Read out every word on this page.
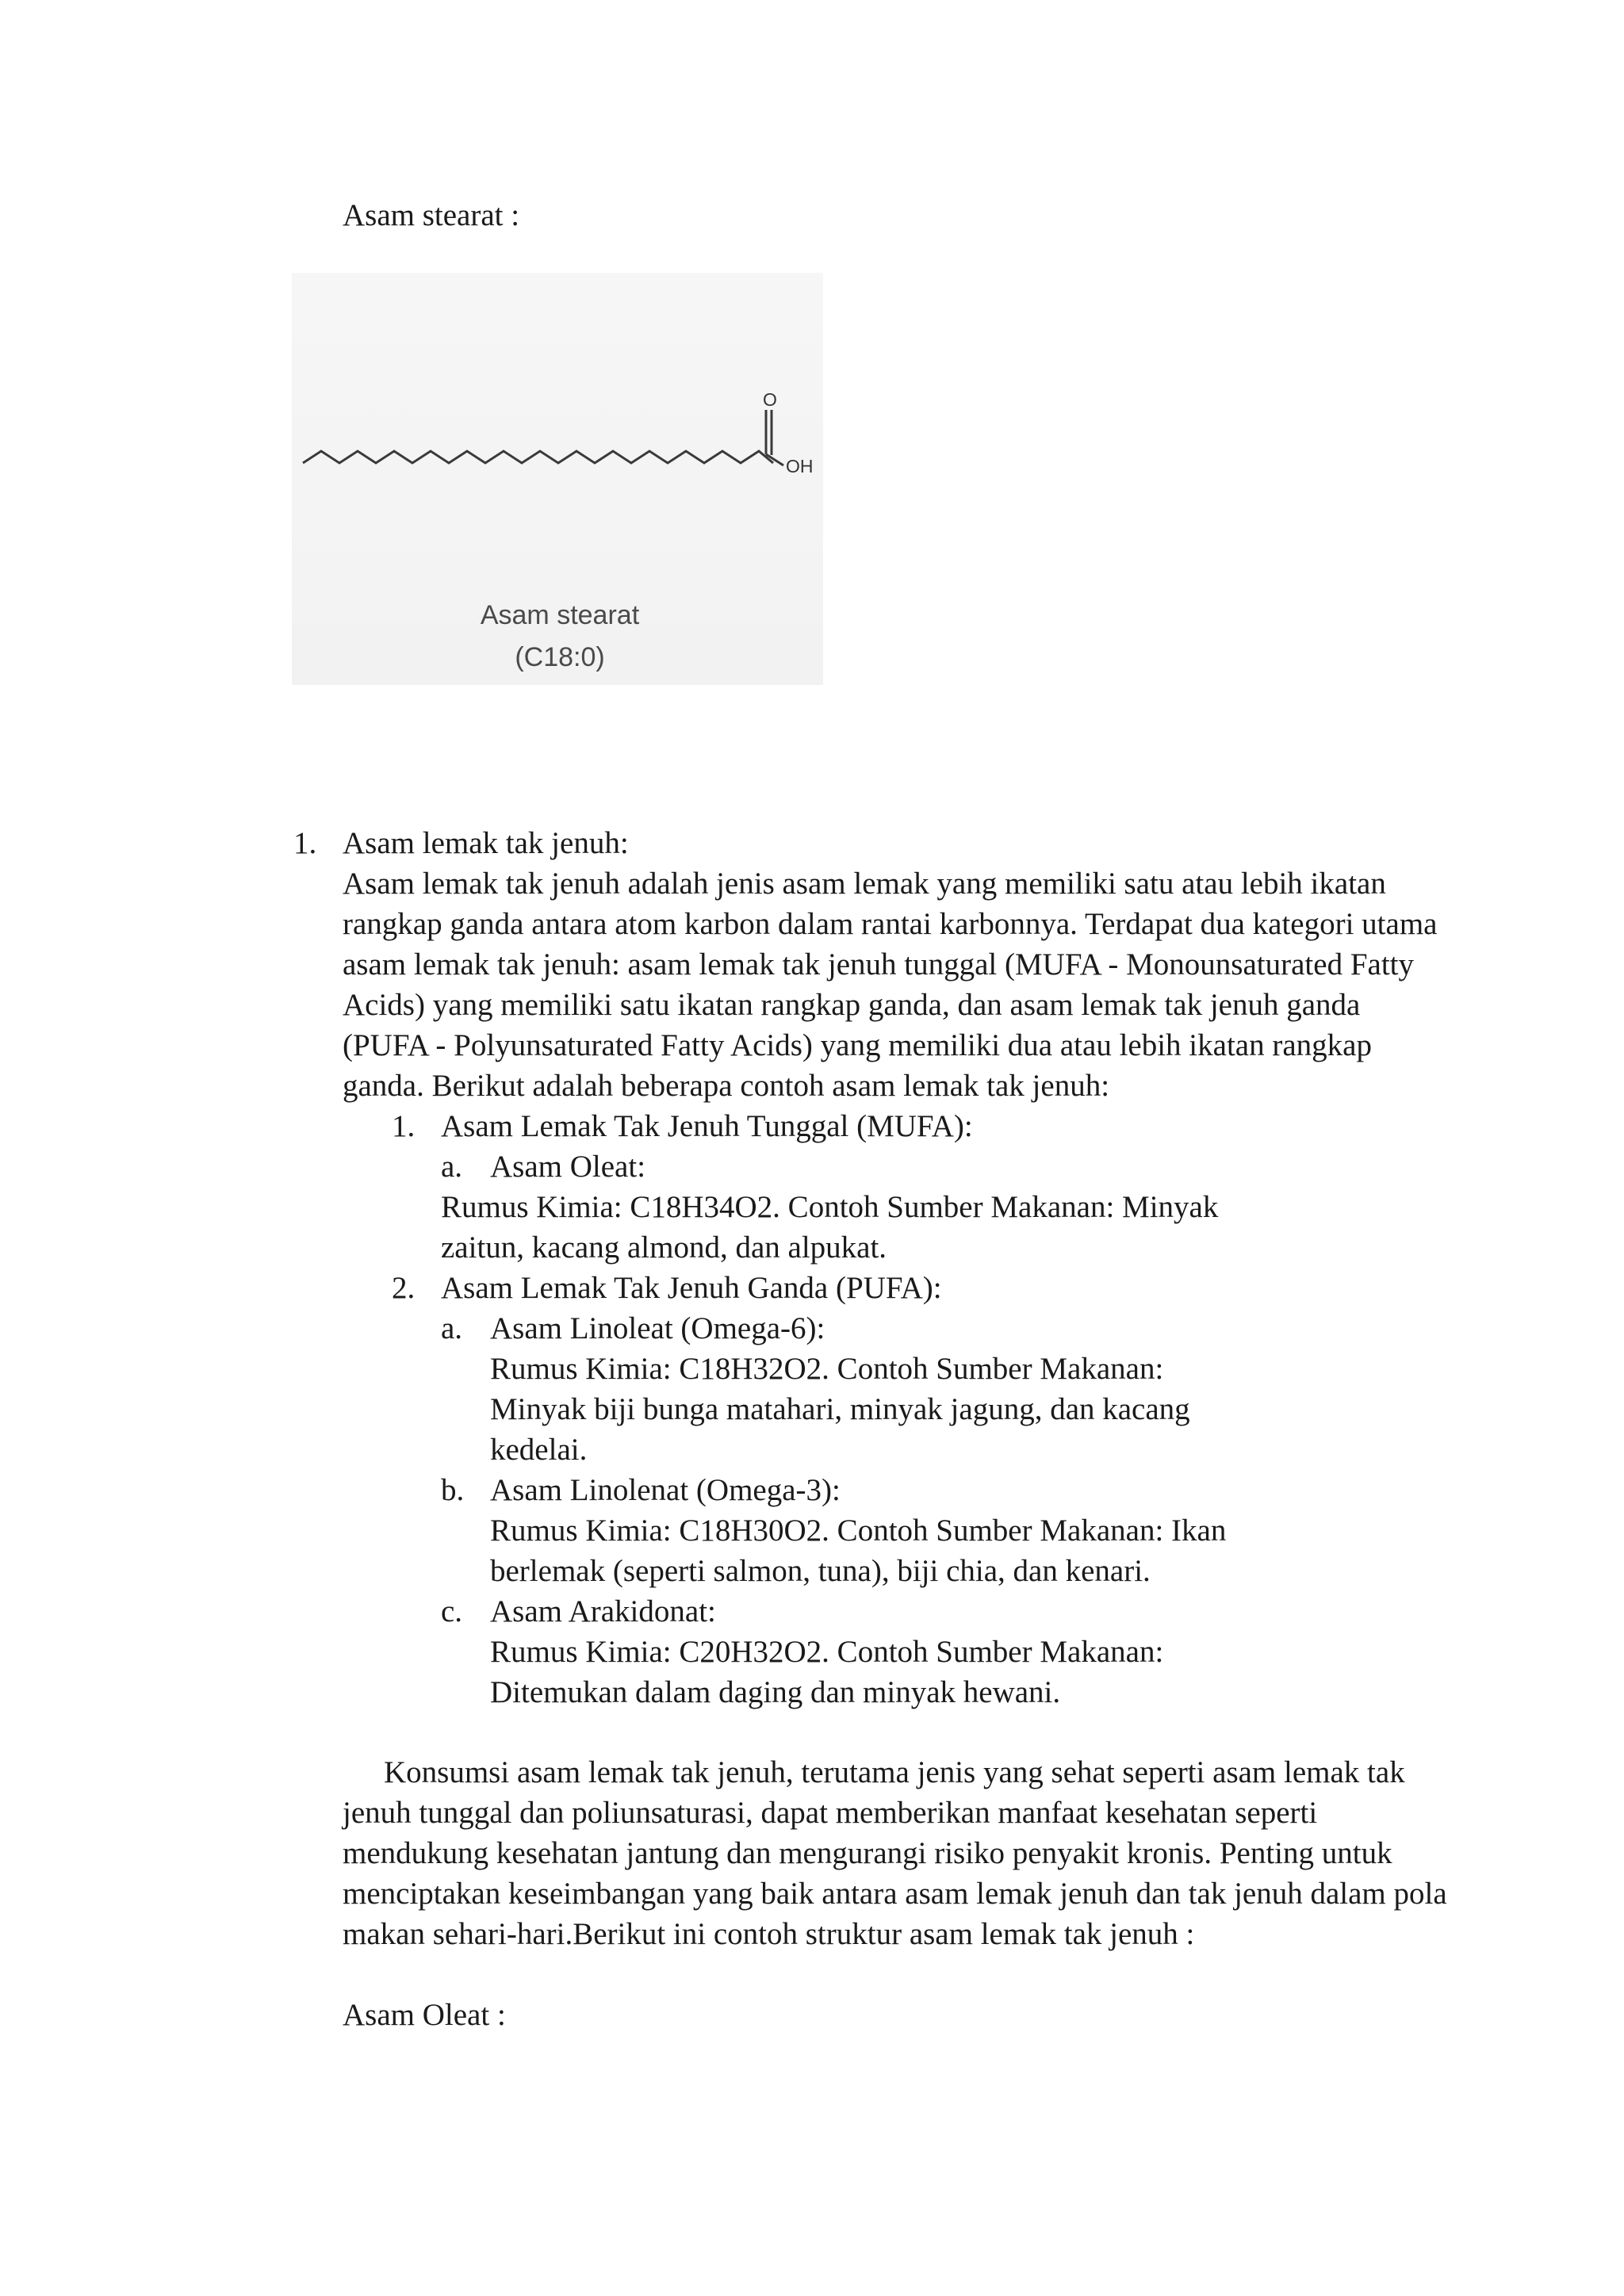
Asam stearat :

O
OH
Asam stearat
(C18:0)
1. Asam lemak tak jenuh:

Asam lemak tak jenuh adalah jenis asam lemak yang memiliki satu atau lebih ikatan rangkap ganda antara atom karbon dalam rantai karbonnya. Terdapat dua kategori utama asam lemak tak jenuh: asam lemak tak jenuh tunggal (MUFA - Monounsaturated Fatty Acids) yang memiliki satu ikatan rangkap ganda, dan asam lemak tak jenuh ganda (PUFA - Polyunsaturated Fatty Acids) yang memiliki dua atau lebih ikatan rangkap ganda. Berikut adalah beberapa contoh asam lemak tak jenuh:

1. Asam Lemak Tak Jenuh Tunggal (MUFA):

a. Asam Oleat:

Rumus Kimia: C18H34O2. Contoh Sumber Makanan: Minyak zaitun, kacang almond, dan alpukat.

2. Asam Lemak Tak Jenuh Ganda (PUFA):

a. Asam Linoleat (Omega-6):

Rumus Kimia: C18H32O2. Contoh Sumber Makanan: Minyak biji bunga matahari, minyak jagung, dan kacang kedelai.

b. Asam Linolenat (Omega-3):

Rumus Kimia: C18H30O2. Contoh Sumber Makanan: Ikan berlemak (seperti salmon, tuna), biji chia, dan kenari.

c. Asam Arakidonat:

Rumus Kimia: C20H32O2. Contoh Sumber Makanan: Ditemukan dalam daging dan minyak hewani.

Konsumsi asam lemak tak jenuh, terutama jenis yang sehat seperti asam lemak tak jenuh tunggal dan poliunsaturasi, dapat memberikan manfaat kesehatan seperti mendukung kesehatan jantung dan mengurangi risiko penyakit kronis. Penting untuk menciptakan keseimbangan yang baik antara asam lemak jenuh dan tak jenuh dalam pola makan sehari-hari.Berikut ini contoh struktur asam lemak tak jenuh :

Asam Oleat :
